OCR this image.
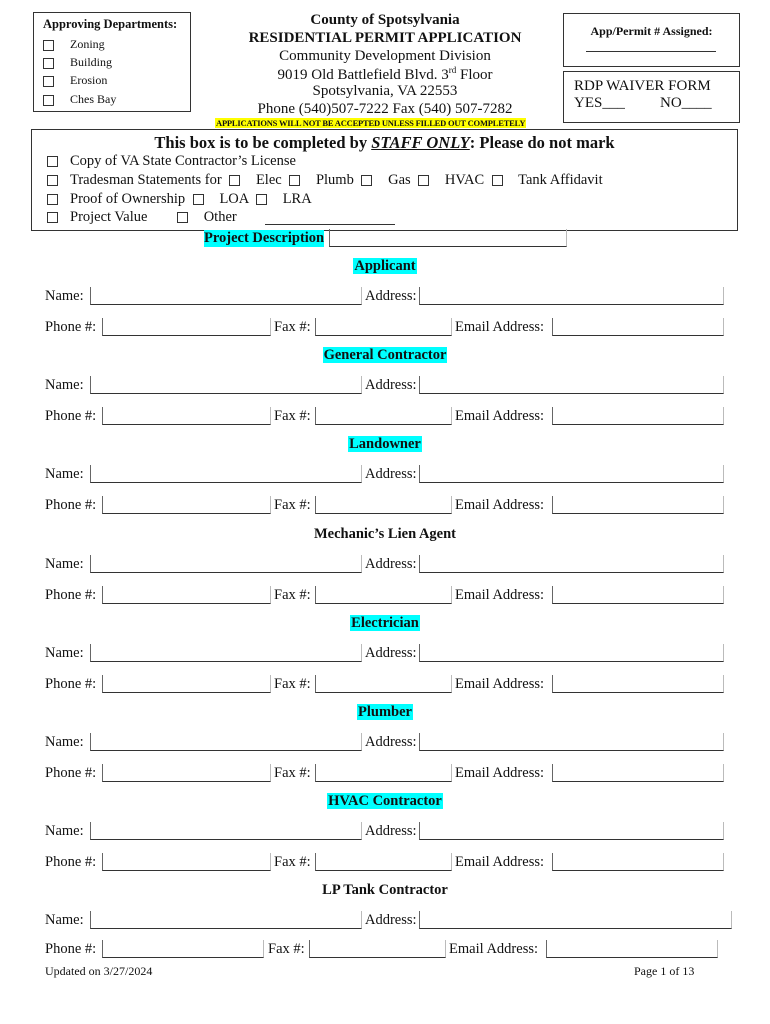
Approving Departments:
Zoning
Building
Erosion
Ches Bay
County of Spotsylvania
RESIDENTIAL PERMIT APPLICATION
Community Development Division
9019 Old Battlefield Blvd. 3rd Floor
Spotsylvania, VA 22553
Phone (540)507-7222 Fax (540) 507-7282
APPLICATIONS WILL NOT BE ACCEPTED UNLESS FILLED OUT COMPLETELY
App/Permit # Assigned:
RDP WAIVER FORM
YES___ NO____
This box is to be completed by STAFF ONLY: Please do not mark
Copy of VA State Contractor’s License
Tradesman Statements for Elec Plumb Gas HVAC Tank Affidavit
Proof of Ownership LOA LRA
Project Value	Other
Project Description
Applicant
Name:	Address:
Phone #:	Fax #:	Email Address:
General Contractor
Name:	Address:
Phone #:	Fax #:	Email Address:
Landowner
Name:	Address:
Phone #:	Fax #:	Email Address:
Mechanic’s Lien Agent
Name:	Address:
Phone #:	Fax #:	Email Address:
Electrician
Name:	Address:
Phone #:	Fax #:	Email Address:
Plumber
Name:	Address:
Phone #:	Fax #:	Email Address:
HVAC Contractor
Name:	Address:
Phone #:	Fax #:	Email Address:
LP Tank Contractor
Name:	Address:
Phone #:	Fax #:	Email Address:
Updated on 3/27/2024	Page 1 of 13
